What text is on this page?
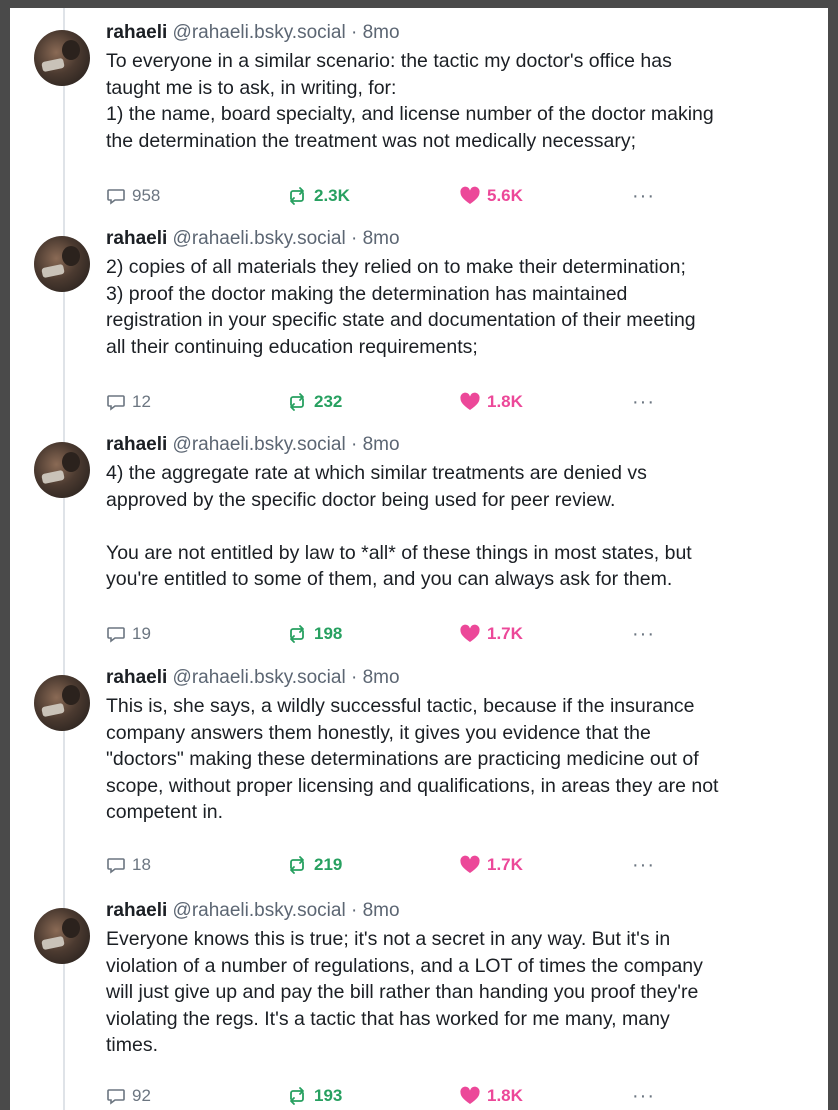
rahaeli @rahaeli.bsky.social · 8mo
To everyone in a similar scenario: the tactic my doctor's office has
taught me is to ask, in writing, for:
1) the name, board specialty, and license number of the doctor making
the determination the treatment was not medically necessary;
958	2.3K	5.6K	···
rahaeli @rahaeli.bsky.social · 8mo
2) copies of all materials they relied on to make their determination;
3) proof the doctor making the determination has maintained
registration in your specific state and documentation of their meeting
all their continuing education requirements;
12	232	1.8K	···
rahaeli @rahaeli.bsky.social · 8mo
4) the aggregate rate at which similar treatments are denied vs
approved by the specific doctor being used for peer review.

You are not entitled by law to *all* of these things in most states, but
you're entitled to some of them, and you can always ask for them.
19	198	1.7K	···
rahaeli @rahaeli.bsky.social · 8mo
This is, she says, a wildly successful tactic, because if the insurance
company answers them honestly, it gives you evidence that the
"doctors" making these determinations are practicing medicine out of
scope, without proper licensing and qualifications, in areas they are not
competent in.
18	219	1.7K	···
rahaeli @rahaeli.bsky.social · 8mo
Everyone knows this is true; it's not a secret in any way. But it's in
violation of a number of regulations, and a LOT of times the company
will just give up and pay the bill rather than handing you proof they're
violating the regs. It's a tactic that has worked for me many, many
times.
92	193	1.8K	···
